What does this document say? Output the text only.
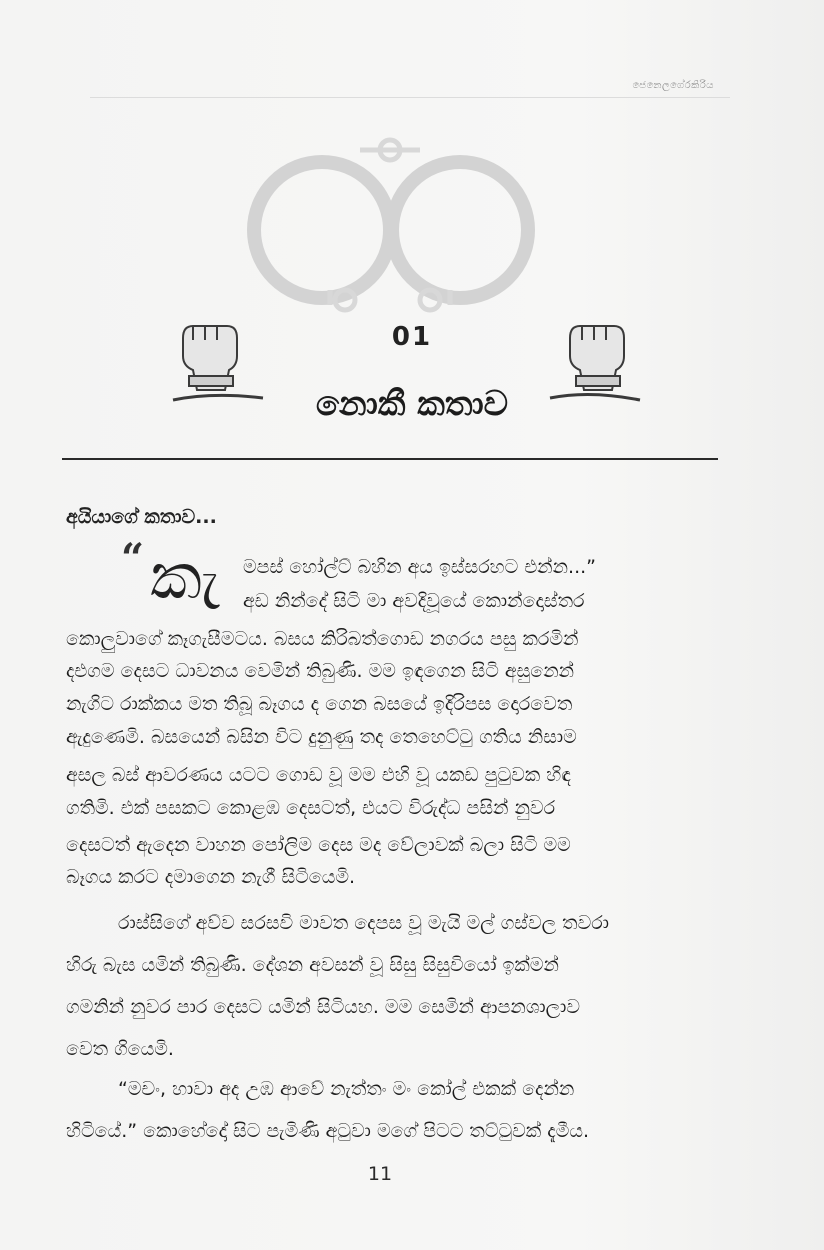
ජෙනෙලගේ‍රකිරිය
01
නොකී කතාව
අයියාගේ කතාව...
“ කැ මපස් හෝල්ට් බහින අය ඉස්සරහට එන්න...”
අඩ නින්දේ සිටි මා අවදිවූයේ කොන්දොස්තර
කොලුවාගේ කෑගැසීමටය. බසය කිරිබත්ගොඩ නගරය පසු කරමින්
දඑගම දෙසට ධාවනය වෙමින් තිබුණි. මම ඉඳගෙන සිටි අසුනෙන්
නැගිට රාක්කය මත තිබූ බෑගය ද ගෙන බසයේ ඉදිරිපස දොරවෙත
ඇදුණෙමි. බසයෙන් බසින විට දුනුණු තද තෙහෙට්ටු ගතිය නිසාම
අසල බස් ආවරණය යටට ගොඩ වූ මම එහි වූ යකඩ පුටුවක හිඳ
ගතිමි. එක් පසකට කොළඹ දෙසටත්, එයට විරුද්ධ පසින් නුවර
දෙසටත් ඇදෙන වාහන පෝලිම දෙස මද වේලාවක් බලා සිටි මම
බෑගය කරට දමාගෙන නැගී සිටියෙමි.
රාස්සිගේ අව්ව සරසවි මාවත දෙපස වූ මැයි මල් ගස්වල තවරා
හිරු බැස යමින් තිබුණි. දේශන අවසන් වූ සිසු සිසුවියෝ ඉක්මන්
ගමනින් නුවර පාර දෙසට යමින් සිටියහ. මම සෙමින් ආපනශාලාව
වෙත ගියෙමි.
“මචං, හාවා අද උඹ ආවේ නැත්තං මං කෝල් එකක් දෙන්න
හිටියේ.” කොහේදෝ සිට පැමිණි අටුවා මගේ පිටට තට්ටුවක් දැමීය.
11
